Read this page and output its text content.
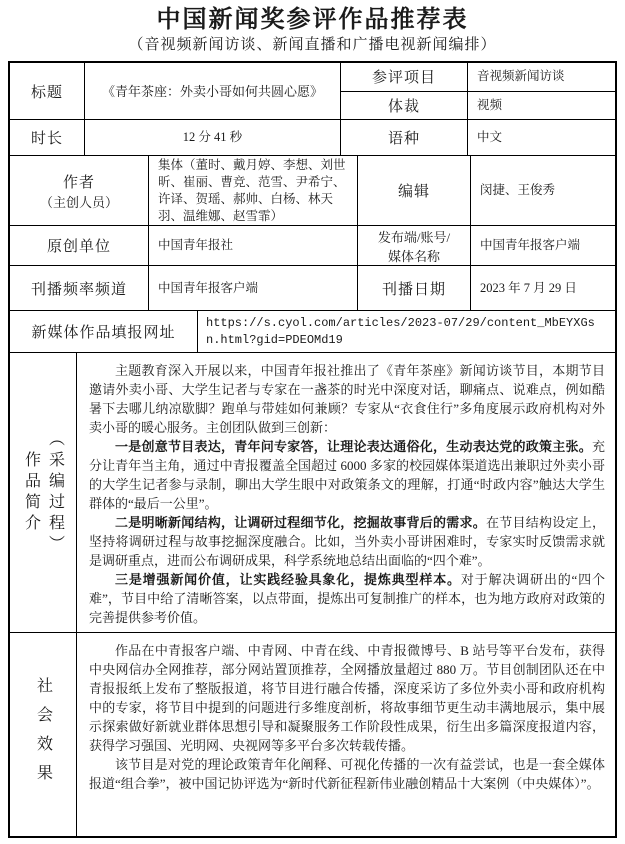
中国新闻奖参评作品推荐表
（音视频新闻访谈、新闻直播和广播电视新闻编排）
标题	《青年茶座：外卖小哥如何共圆心愿》
参评项目	音视频新闻访谈
体裁	视频
时长	12 分 41 秒	语种	中文
作者
（主创人员）
集体（董时、戴月婷、李想、刘世昕、崔丽、曹竞、范雪、尹希宁、许译、贺瑶、郝帅、白杨、林天羽、温维娜、赵雪霏）
编辑	闵捷、王俊秀
原创单位	中国青年报社
发布端/账号/
媒体名称
中国青年报客户端
刊播频率频道	中国青年报客户端	刊播日期	2023 年 7 月 29 日
新媒体作品填报网址
https://s.cyol.com/articles/2023-07/29/content_MbEYXGsn.html?gid=PDEOMd19
作品简介 （采编过程）

主题教育深入开展以来，中国青年报社推出了《青年茶座》新闻访谈节目，本期节目邀请外卖小哥、大学生记者与专家在一盏茶的时光中深度对话，聊痛点、说难点，例如酷暑下去哪儿纳凉歇脚？跑单与带娃如何兼顾？专家从“衣食住行”多角度展示政府机构对外卖小哥的暖心服务。主创团队做到三创新：

一是创意节目表达，青年问专家答，让理论表达通俗化，生动表达党的政策主张。充分让青年当主角，通过中青报覆盖全国超过 6000 多家的校园媒体渠道选出兼职过外卖小哥的大学生记者参与录制，聊出大学生眼中对政策条文的理解，打通“时政内容”触达大学生群体的“最后一公里”。

二是明晰新闻结构，让调研过程细节化，挖掘故事背后的需求。在节目结构设定上，坚持将调研过程与故事挖掘深度融合。比如，当外卖小哥讲困难时，专家实时反馈需求就是调研重点，进而公布调研成果，科学系统地总结出面临的“四个难”。

三是增强新闻价值，让实践经验具象化，提炼典型样本。对于解决调研出的“四个难”，节目中给了清晰答案，以点带面，提炼出可复制推广的样本，也为地方政府对政策的完善提供参考价值。

社会效果

作品在中青报客户端、中青网、中青在线、中青报微博号、B 站号等平台发布，获得中央网信办全网推荐，部分网站置顶推荐，全网播放量超过 880 万。节目创制团队还在中青报报纸上发布了整版报道，将节目进行融合传播，深度采访了多位外卖小哥和政府机构中的专家，将节目中提到的问题进行多维度剖析，将故事细节更生动丰满地展示，集中展示探索做好新就业群体思想引导和凝聚服务工作阶段性成果，衍生出多篇深度报道内容，获得学习强国、光明网、央视网等多平台多次转载传播。

该节目是对党的理论政策青年化阐释、可视化传播的一次有益尝试，也是一套全媒体报道“组合拳”，被中国记协评选为“新时代新征程新伟业融创精品十大案例（中央媒体）”。
